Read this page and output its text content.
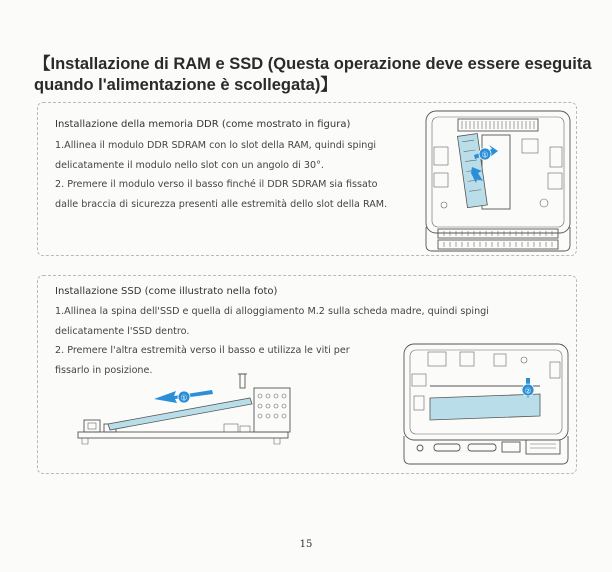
【Installazione di RAM e SSD (Questa operazione deve essere eseguita quando l'alimentazione è scollegata)】
Installazione della memoria DDR (come mostrato in figura)

1.Allinea il modulo DDR SDRAM con lo slot della RAM, quindi spingi delicatamente il modulo nello slot con un angolo di 30°.

2. Premere il modulo verso il basso finché il DDR SDRAM sia fissato dalle braccia di sicurezza presenti alle estremità dello slot della RAM.

①
Installazione SSD (come illustrato nella foto)

1.Allinea la spina dell'SSD e quella di alloggiamento M.2 sulla scheda madre, quindi spingi delicatamente l'SSD dentro.

2. Premere l'altra estremità verso il basso e utilizza le viti per fissarlo in posizione.

①
②
15
